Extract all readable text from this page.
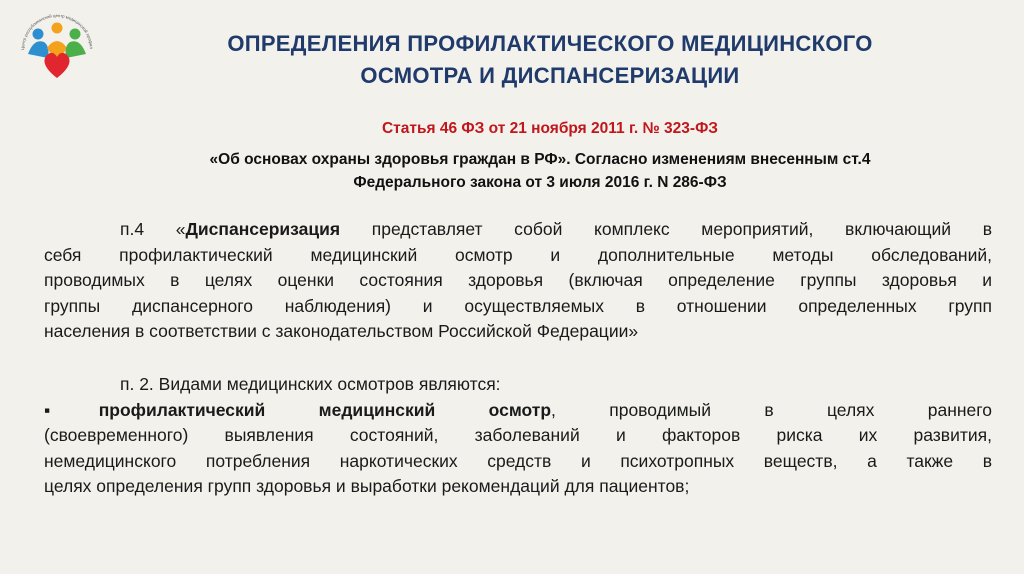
Центр республиканский центр медицинской профил	ОПРЕДЕЛЕНИЯ ПРОФИЛАКТИЧЕСКОГО МЕДИЦИНСКОГО
ОСМОТРА И ДИСПАНСЕРИЗАЦИИ
Статья 46 ФЗ от 21 ноября 2011 г. № 323-ФЗ
«Об основах охраны здоровья граждан в РФ». Согласно изменениям внесенным ст.4
Федерального закона от 3 июля 2016 г. N 286-ФЗ
п.4 «Диспансеризация представляет собой комплекс мероприятий, включающий в
себя профилактический медицинский осмотр и дополнительные методы обследований,
проводимых в целях оценки состояния здоровья (включая определение группы здоровья и
группы диспансерного наблюдения) и осуществляемых в отношении определенных групп
населения в соответствии с законодательством Российской Федерации»
п. 2. Видами медицинских осмотров являются:
▪профилактический медицинский осмотр, проводимый в целях раннего
(своевременного) выявления состояний, заболеваний и факторов риска их развития,
немедицинского потребления наркотических средств и психотропных веществ, а также в
целях определения групп здоровья и выработки рекомендаций для пациентов;
